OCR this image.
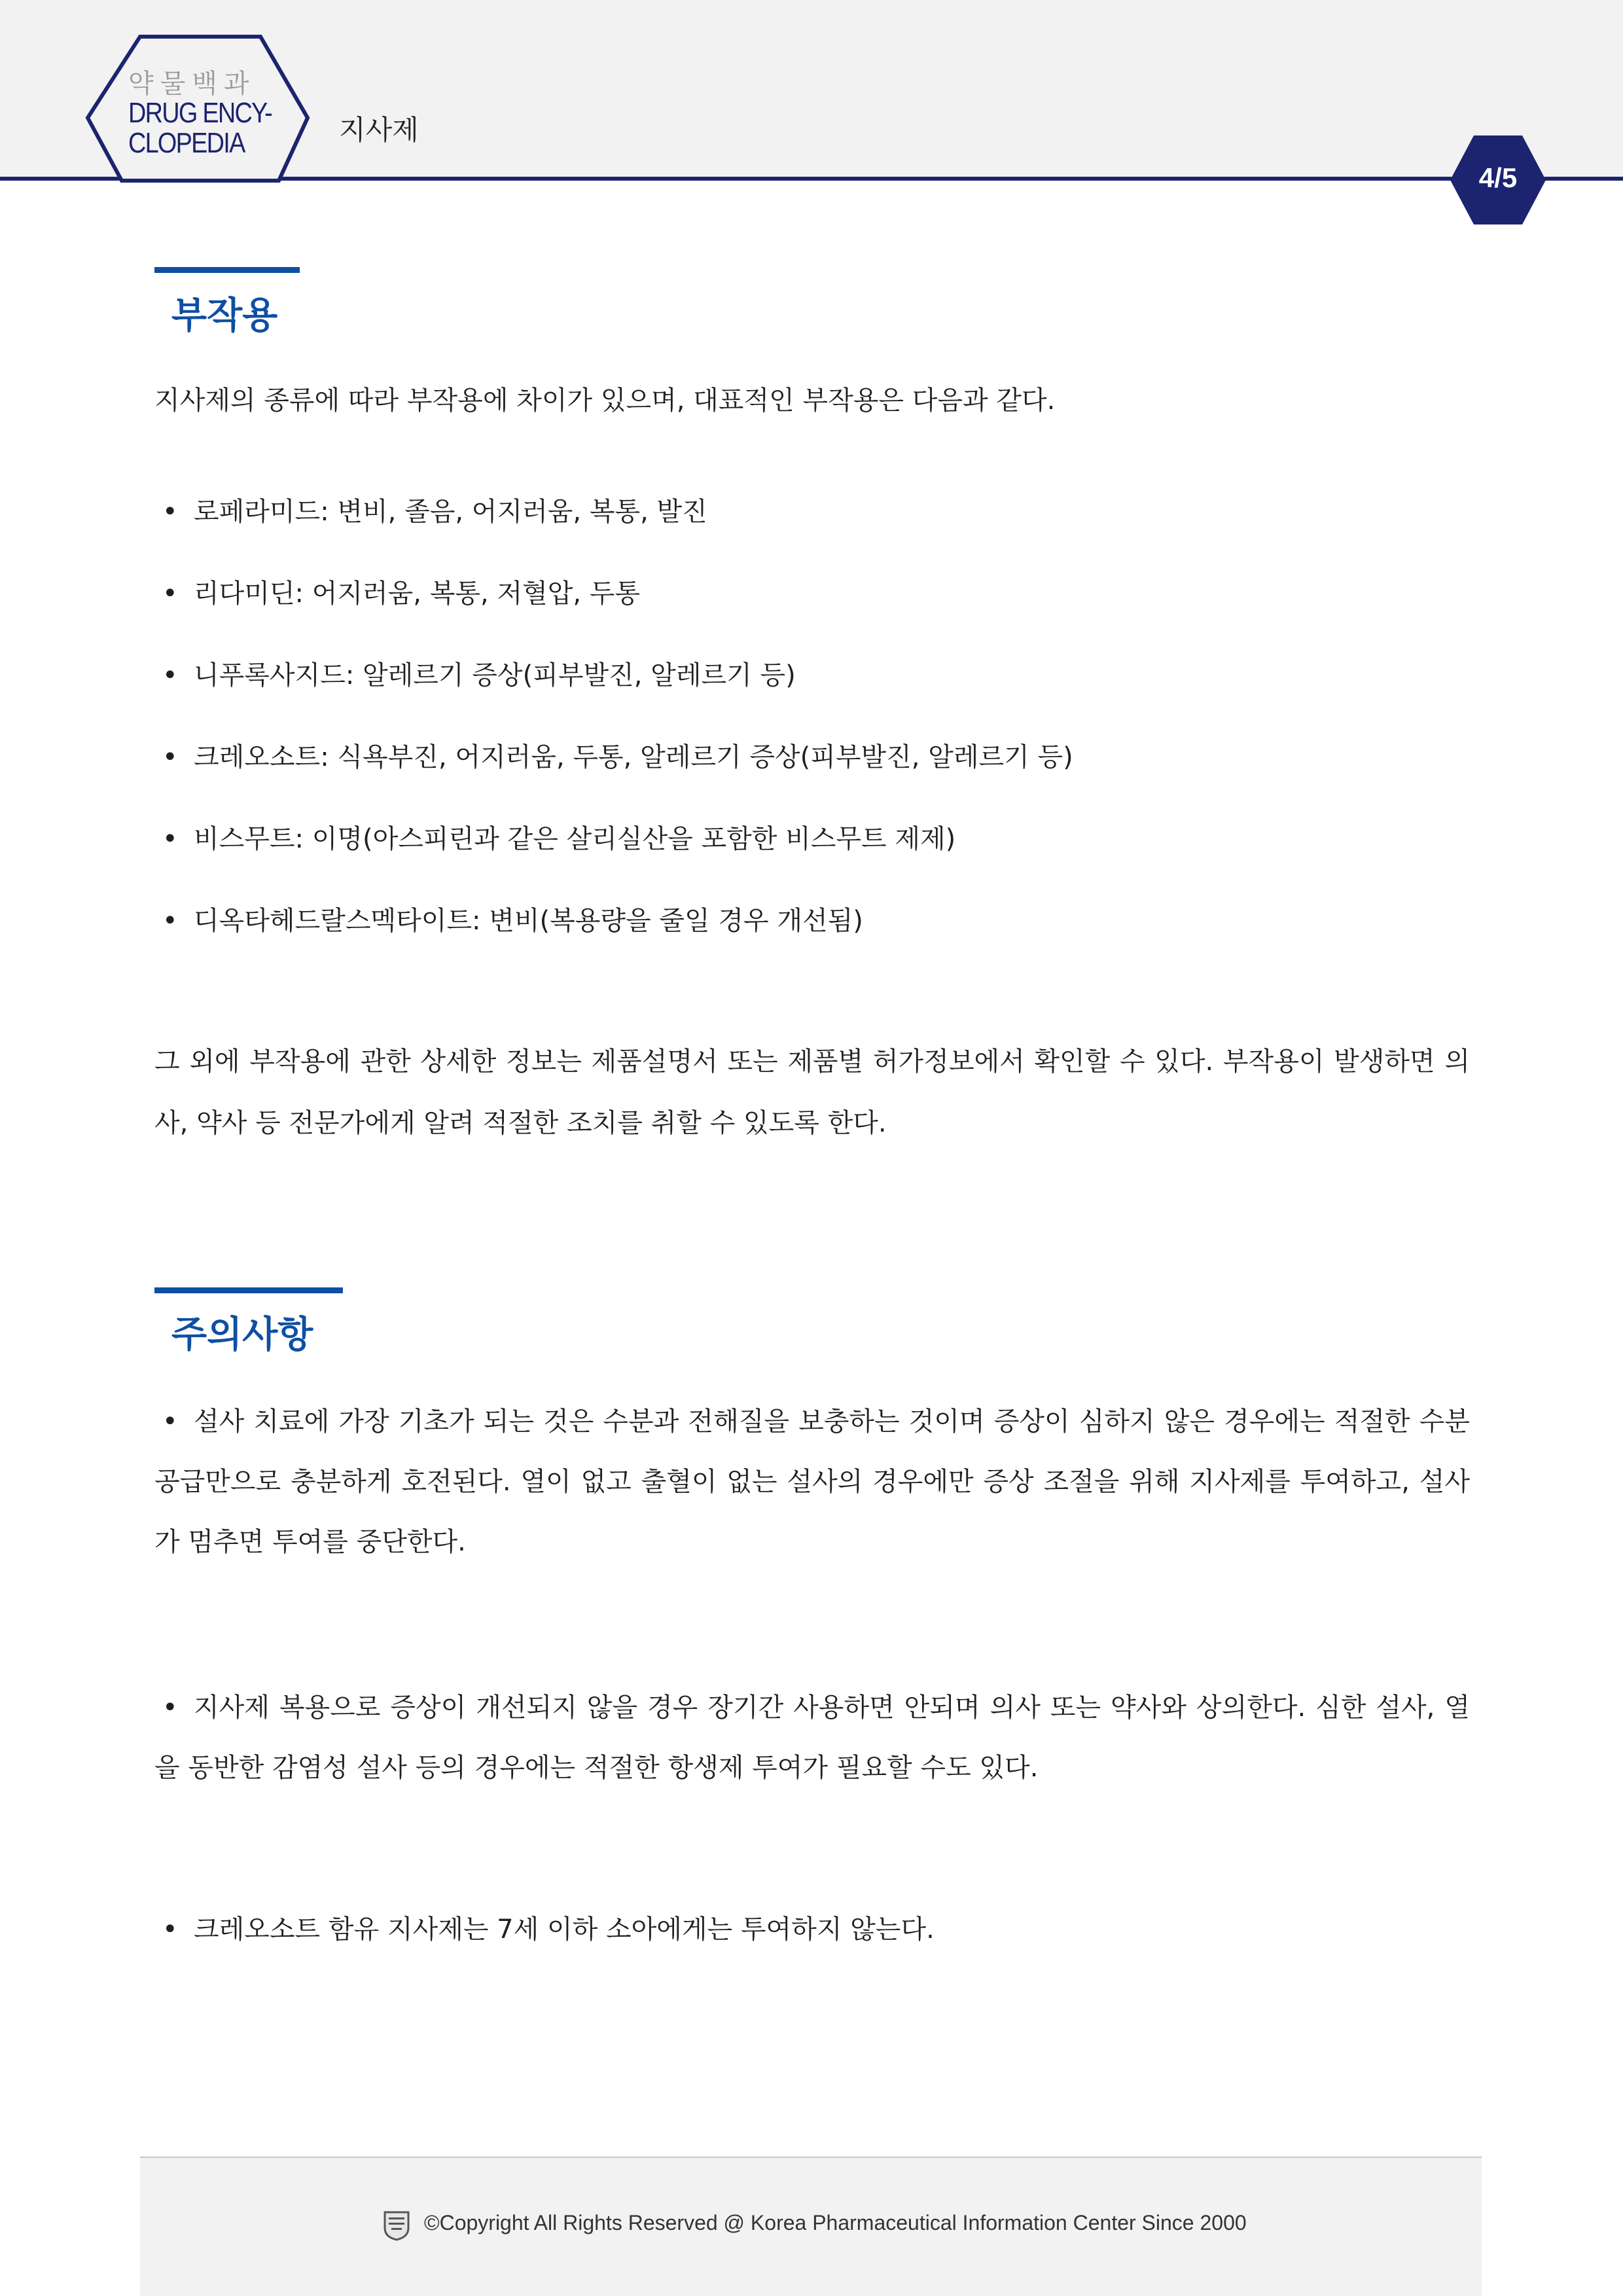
약물백과
DRUG ENCY-
CLOPEDIA	지사제
4/5
부작용

지사제의 종류에 따라 부작용에 차이가 있으며, 대표적인 부작용은 다음과 같다.

• 로페라미드: 변비, 졸음, 어지러움, 복통, 발진
• 리다미딘: 어지러움, 복통, 저혈압, 두통
• 니푸록사지드: 알레르기 증상(피부발진, 알레르기 등)
• 크레오소트: 식욕부진, 어지러움, 두통, 알레르기 증상(피부발진, 알레르기 등)
• 비스무트: 이명(아스피린과 같은 살리실산을 포함한 비스무트 제제)
• 디옥타헤드랄스멕타이트: 변비(복용량을 줄일 경우 개선됨)

그 외에 부작용에 관한 상세한 정보는 제품설명서 또는 제품별 허가정보에서 확인할 수 있다. 부작용이 발생하면 의사, 약사 등 전문가에게 알려 적절한 조치를 취할 수 있도록 한다.

주의사항

• 설사 치료에 가장 기초가 되는 것은 수분과 전해질을 보충하는 것이며 증상이 심하지 않은 경우에는 적절한 수분 공급만으로 충분하게 호전된다. 열이 없고 출혈이 없는 설사의 경우에만 증상 조절을 위해 지사제를 투여하고, 설사가 멈추면 투여를 중단한다.

• 지사제 복용으로 증상이 개선되지 않을 경우 장기간 사용하면 안되며 의사 또는 약사와 상의한다. 심한 설사, 열을 동반한 감염성 설사 등의 경우에는 적절한 항생제 투여가 필요할 수도 있다.

• 크레오소트 함유 지사제는 7세 이하 소아에게는 투여하지 않는다.

©Copyright All Rights Reserved @ Korea Pharmaceutical Information Center Since 2000
